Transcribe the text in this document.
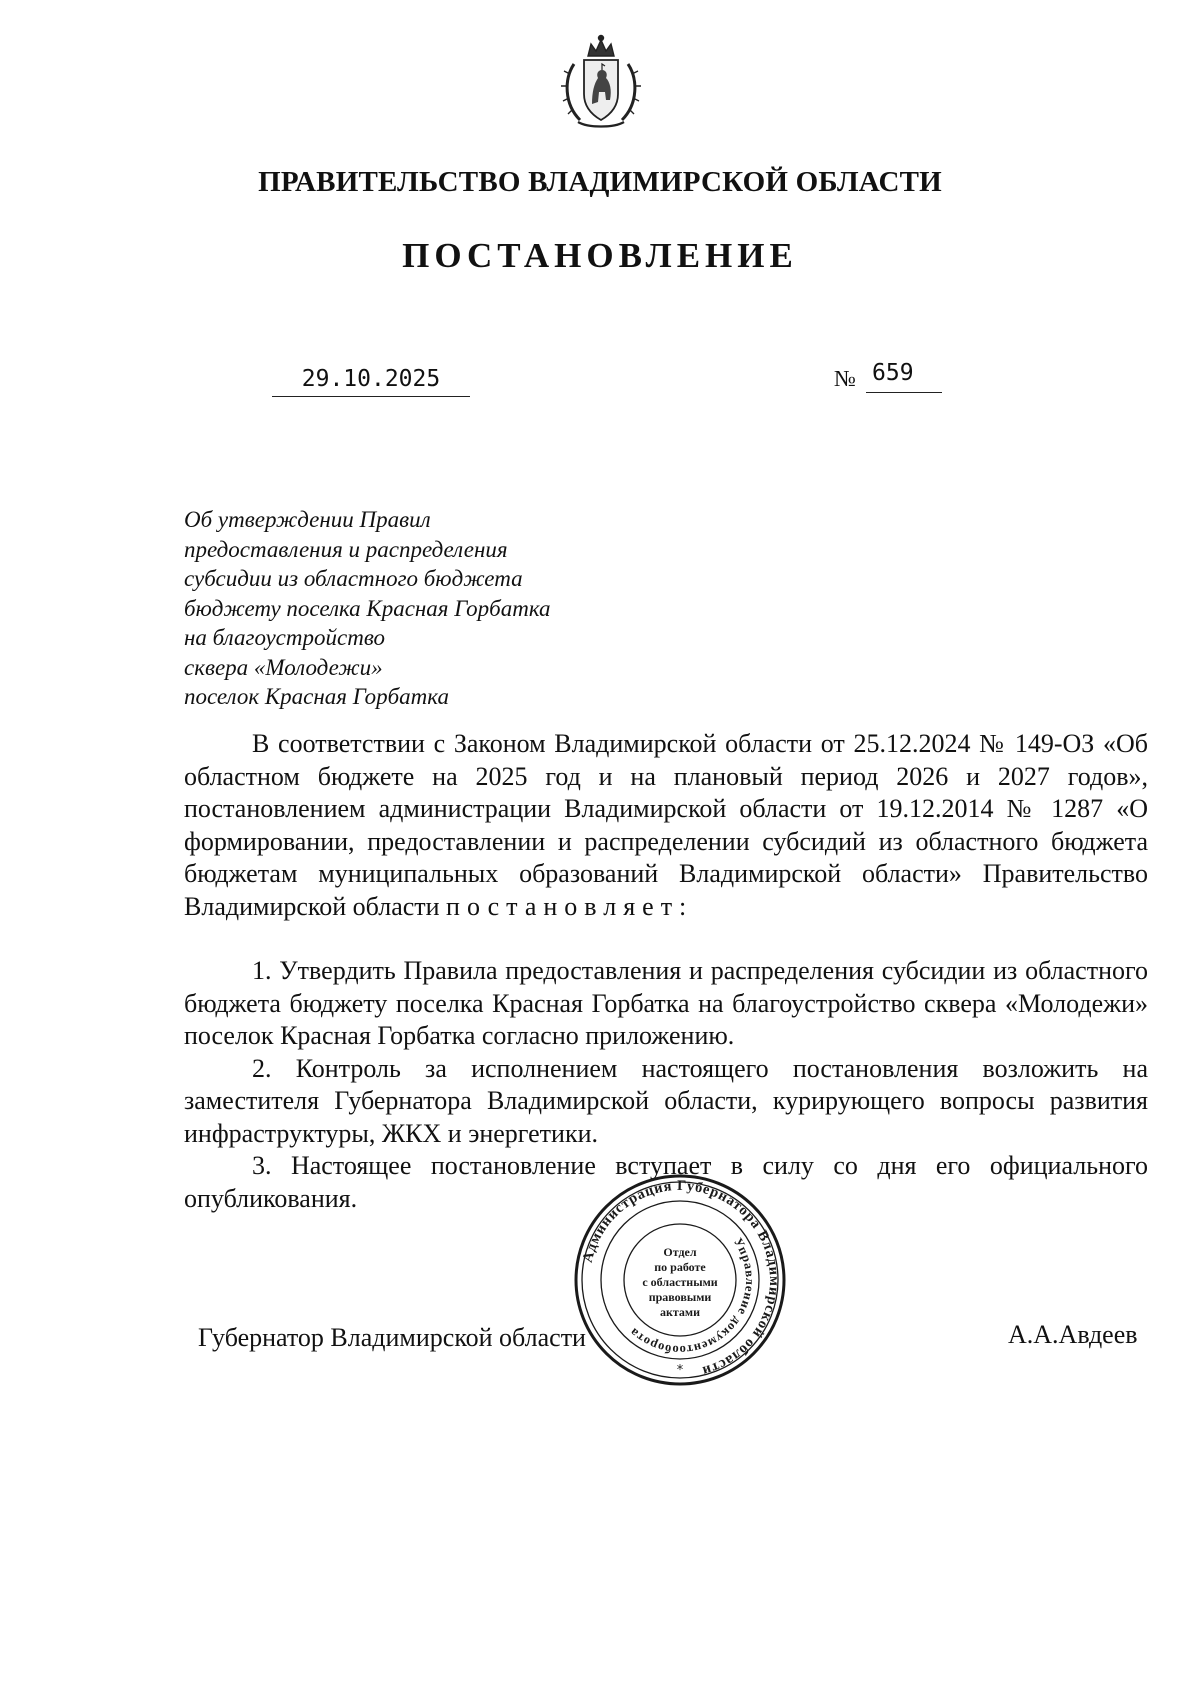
ПРАВИТЕЛЬСТВО ВЛАДИМИРСКОЙ ОБЛАСТИ
ПОСТАНОВЛЕНИЕ
29.10.2025	№ 659
Об утверждении Правил
предоставления и распределения
субсидии из областного бюджета
бюджету поселка Красная Горбатка
на благоустройство
сквера «Молодежи»
поселок Красная Горбатка
В соответствии с Законом Владимирской области от 25.12.2024 № 149-ОЗ «Об областном бюджете на 2025 год и на плановый период 2026 и 2027 годов», постановлением администрации Владимирской области от 19.12.2014 № 1287 «О формировании, предоставлении и распределении субсидий из областного бюджета бюджетам муниципальных образований Владимирской области» Правительство Владимирской области постановляет:

1. Утвердить Правила предоставления и распределения субсидии из областного бюджета бюджету поселка Красная Горбатка на благоустройство сквера «Молодежи» поселок Красная Горбатка согласно приложению.

2. Контроль за исполнением настоящего постановления возложить на заместителя Губернатора Владимирской области, курирующего вопросы развития инфраструктуры, ЖКХ и энергетики.

3. Настоящее постановление вступает в силу со дня его официального опубликования.

Губернатор Владимирской области	А.А.Авдеев
Администрация Губернатора Владимирской области
Управление документооборота
Отдел
по работе
с областными
правовыми
актами
*
